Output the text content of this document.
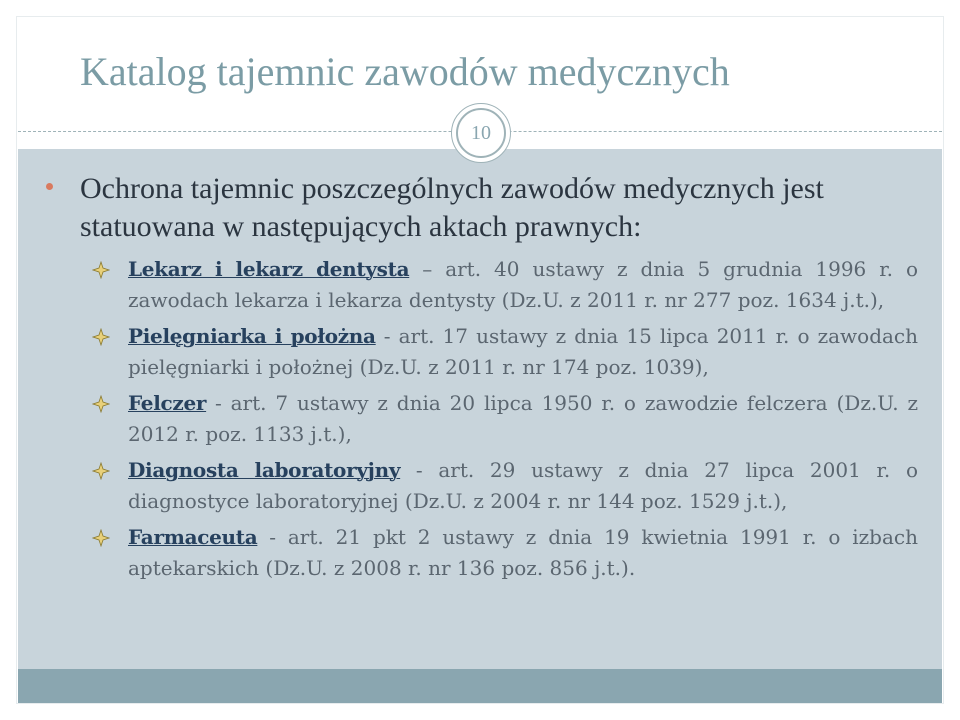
Katalog tajemnic zawodów medycznych
10
Ochrona tajemnic poszczególnych zawodów medycznych jest statuowana w następujących aktach prawnych:
Lekarz i lekarz dentysta – art. 40 ustawy z dnia 5 grudnia 1996 r. o zawodach lekarza i lekarza dentysty (Dz.U. z 2011 r. nr 277 poz. 1634 j.t.),
Pielęgniarka i położna - art. 17 ustawy z dnia 15 lipca 2011 r. o zawodach pielęgniarki i położnej (Dz.U. z 2011 r. nr 174 poz. 1039),
Felczer - art. 7 ustawy z dnia 20 lipca 1950 r. o zawodzie felczera (Dz.U. z 2012 r. poz. 1133 j.t.),
Diagnosta laboratoryjny - art. 29 ustawy z dnia 27 lipca 2001 r. o diagnostyce laboratoryjnej (Dz.U. z 2004 r. nr 144 poz. 1529 j.t.),
Farmaceuta - art. 21 pkt 2 ustawy z dnia 19 kwietnia 1991 r. o izbach aptekarskich (Dz.U. z 2008 r. nr 136 poz. 856 j.t.).
